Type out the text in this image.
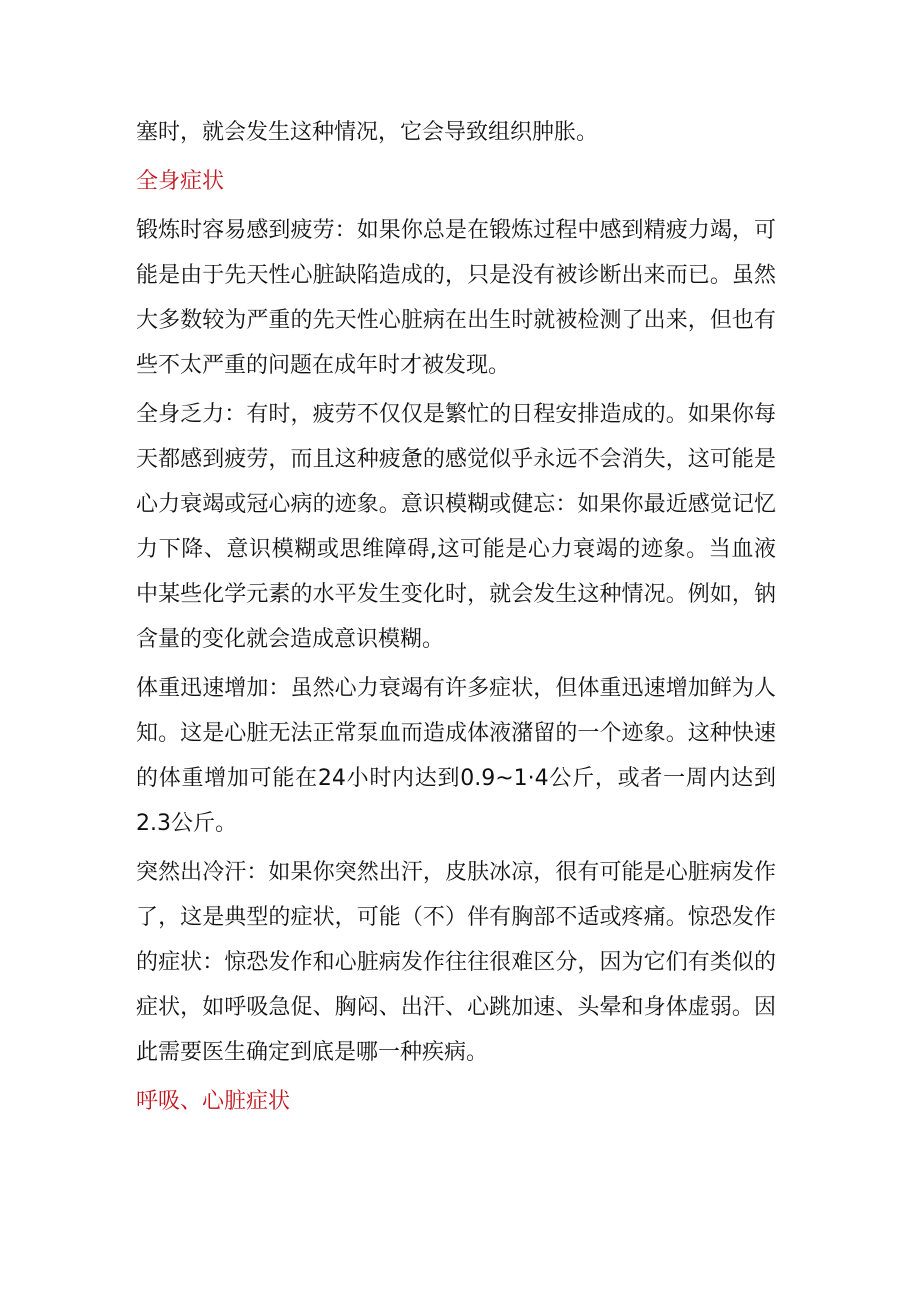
塞时，就会发生这种情况，它会导致组织肿胀。

全身症状

锻炼时容易感到疲劳：如果你总是在锻炼过程中感到精疲力竭，可能是由于先天性心脏缺陷造成的，只是没有被诊断出来而已。虽然大多数较为严重的先天性心脏病在出生时就被检测了出来，但也有些不太严重的问题在成年时才被发现。

全身乏力：有时，疲劳不仅仅是繁忙的日程安排造成的。如果你每天都感到疲劳，而且这种疲惫的感觉似乎永远不会消失，这可能是心力衰竭或冠心病的迹象。意识模糊或健忘：如果你最近感觉记忆力下降、意识模糊或思维障碍,这可能是心力衰竭的迹象。当血液中某些化学元素的水平发生变化时，就会发生这种情况。例如，钠含量的变化就会造成意识模糊。

体重迅速增加：虽然心力衰竭有许多症状，但体重迅速增加鲜为人知。这是心脏无法正常泵血而造成体液潴留的一个迹象。这种快速的体重增加可能在24小时内达到0.9~1·4公斤，或者一周内达到2.3公斤。

突然出冷汗：如果你突然出汗，皮肤冰凉，很有可能是心脏病发作了，这是典型的症状，可能（不）伴有胸部不适或疼痛。惊恐发作的症状：惊恐发作和心脏病发作往往很难区分，因为它们有类似的症状，如呼吸急促、胸闷、出汗、心跳加速、头晕和身体虚弱。因此需要医生确定到底是哪一种疾病。

呼吸、心脏症状
